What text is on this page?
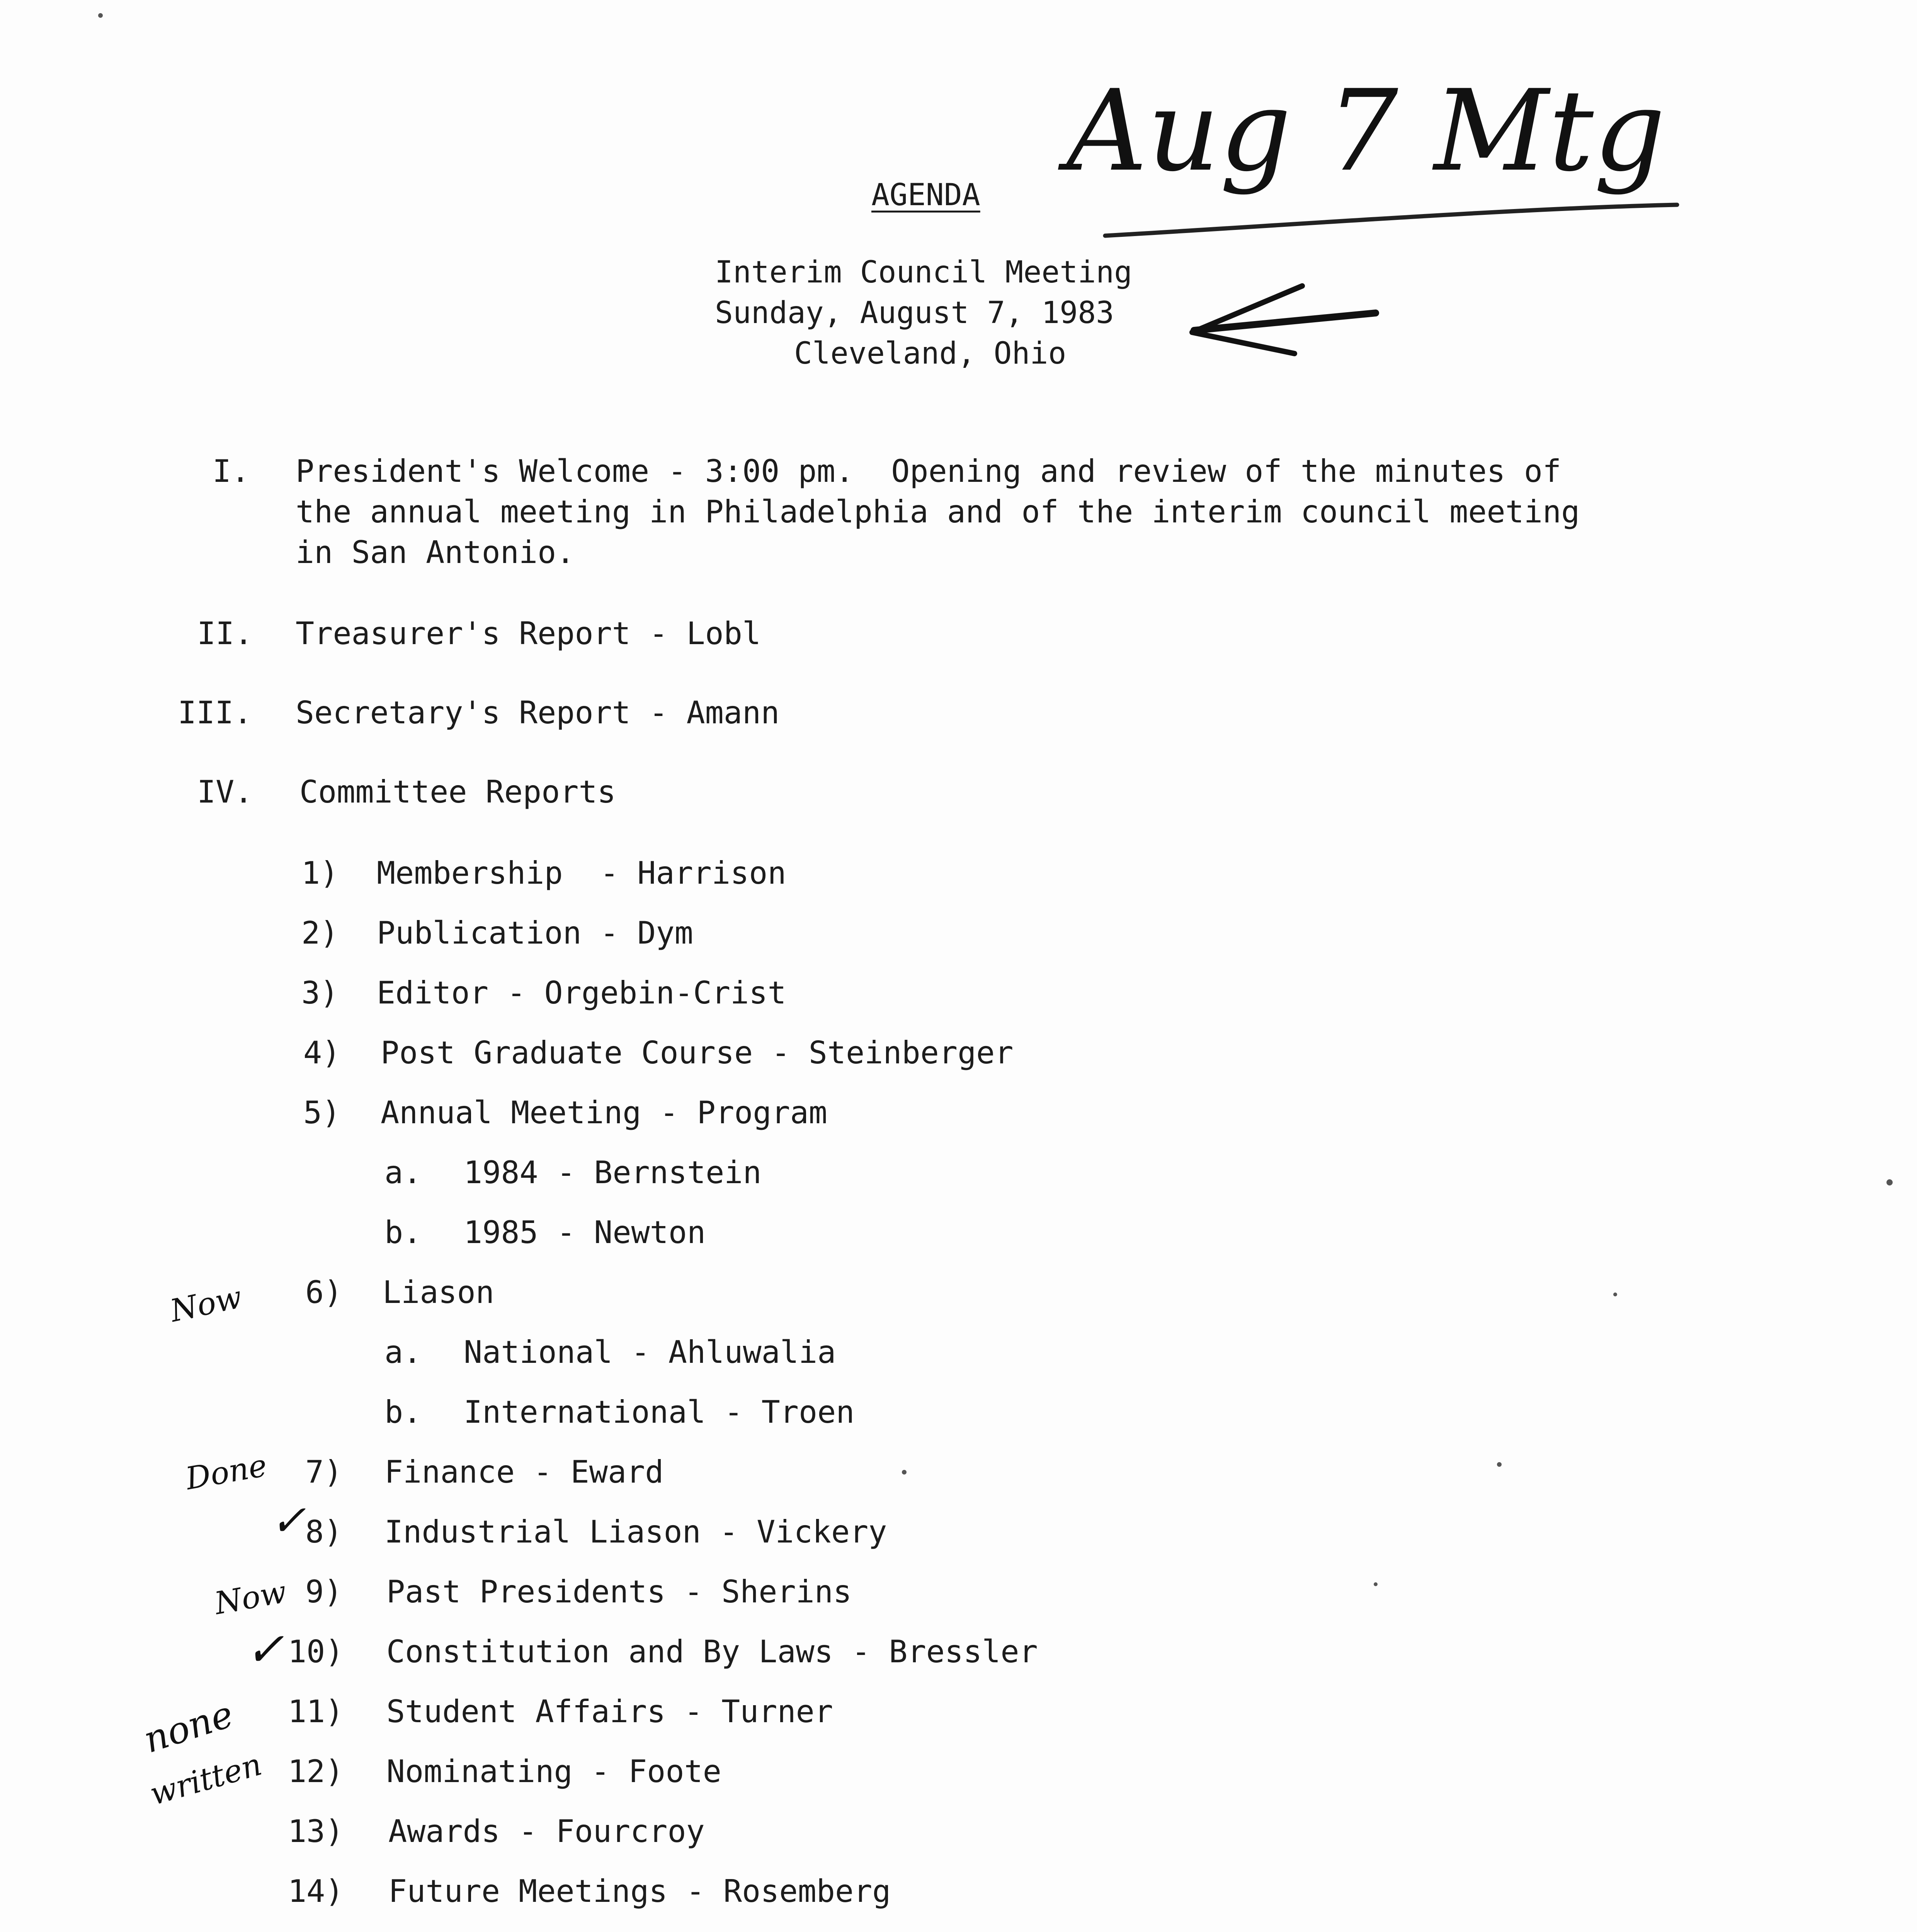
AGENDA
Interim Council Meeting
Sunday, August 7, 1983
Cleveland, Ohio
Aug 7 Mtg
I. President's Welcome - 3:00 pm.  Opening and review of the minutes of
the annual meeting in Philadelphia and of the interim council meeting
in San Antonio.
II. Treasurer's Report - Lobl
III. Secretary's Report - Amann
IV. Committee Reports
1) Membership  - Harrison
2) Publication - Dym
3) Editor - Orgebin-Crist
4) Post Graduate Course - Steinberger
5) Annual Meeting - Program
a. 1984 - Bernstein
b. 1985 - Newton
6) Liason
a. National - Ahluwalia
b. International - Troen
7) Finance - Eward
8) Industrial Liason - Vickery
9) Past Presidents - Sherins
10) Constitution and By Laws - Bressler
11) Student Affairs - Turner
12) Nominating - Foote
13) Awards - Fourcroy
14) Future Meetings - Rosemberg
Now
Done
✓
Now
✓
none
written
